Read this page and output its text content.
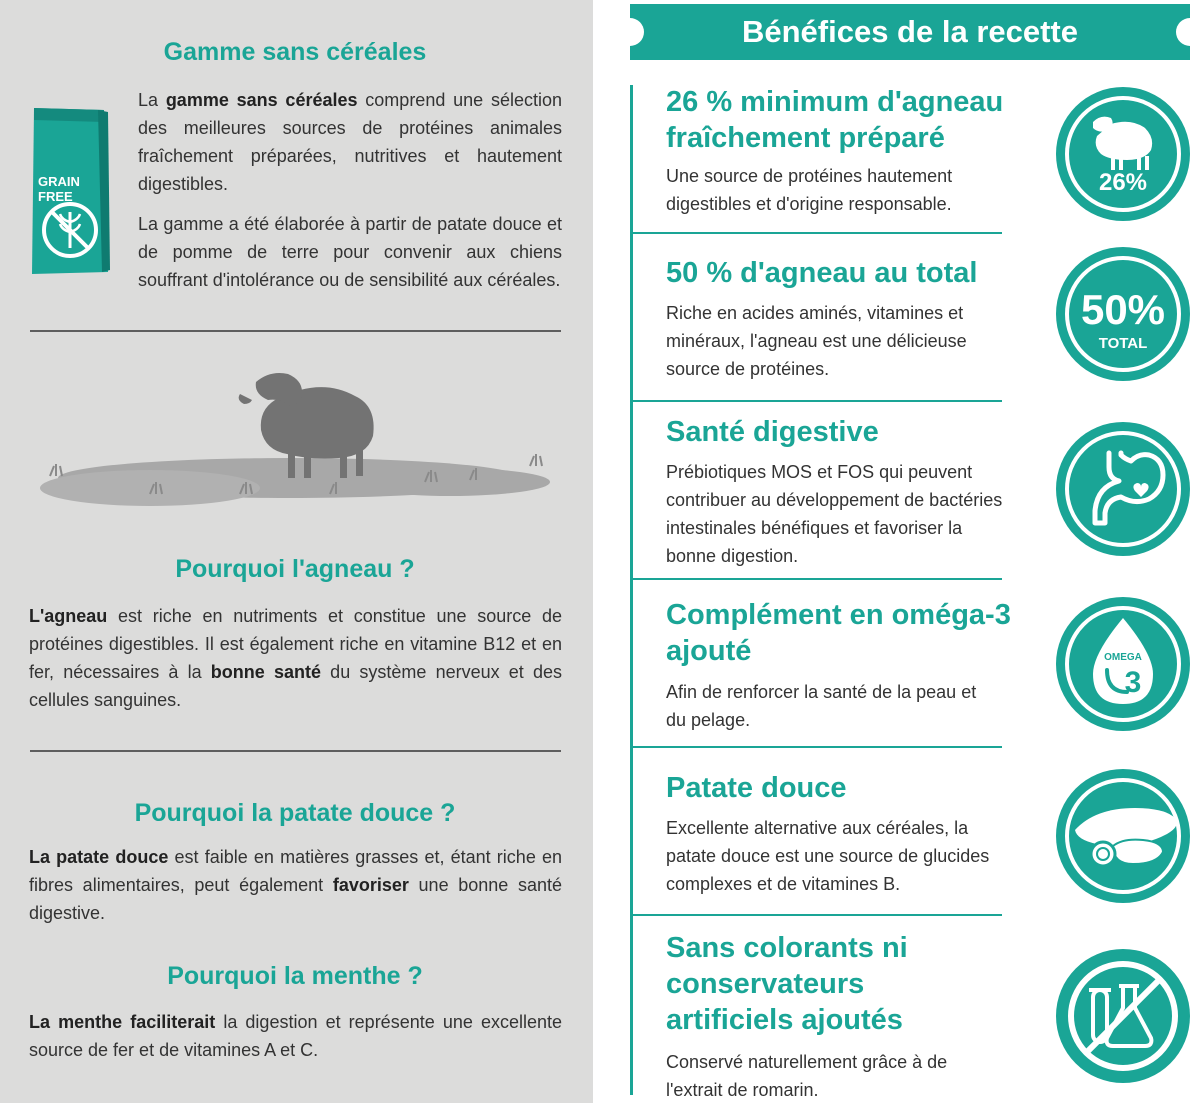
Gamme sans céréales
GRAIN FREE

La gamme sans céréales comprend une sélection des meilleures sources de protéines animales fraîchement préparées, nutritives et hautement digestibles.

La gamme a été élaborée à partir de patate douce et de pomme de terre pour convenir aux chiens souffrant d'intolérance ou de sensibilité aux céréales.

Pourquoi l'agneau ?

L'agneau est riche en nutriments et constitue une source de protéines digestibles. Il est également riche en vitamine B12 et en fer, nécessaires à la bonne santé du système nerveux et des cellules sanguines.

Pourquoi la patate douce ?

La patate douce est faible en matières grasses et, étant riche en fibres alimentaires, peut également favoriser une bonne santé digestive.

Pourquoi la menthe ?

La menthe faciliterait la digestion et représente une excellente source de fer et de vitamines A et C.

Bénéfices de la recette

26 % minimum d'agneau fraîchement préparé

Une source de protéines hautement digestibles et d'origine responsable.

26%

50 % d'agneau au total

Riche en acides aminés, vitamines et minéraux, l'agneau est une délicieuse source de protéines.

50%
TOTAL

Santé digestive

Prébiotiques MOS et FOS qui peuvent contribuer au développement de bactéries intestinales bénéfiques et favoriser la bonne digestion.

Complément en oméga-3 ajouté

Afin de renforcer la santé de la peau et du pelage.

OMEGA
3

Patate douce

Excellente alternative aux céréales, la patate douce est une source de glucides complexes et de vitamines B.

Sans colorants ni conservateurs artificiels ajoutés

Conservé naturellement grâce à de l'extrait de romarin.
